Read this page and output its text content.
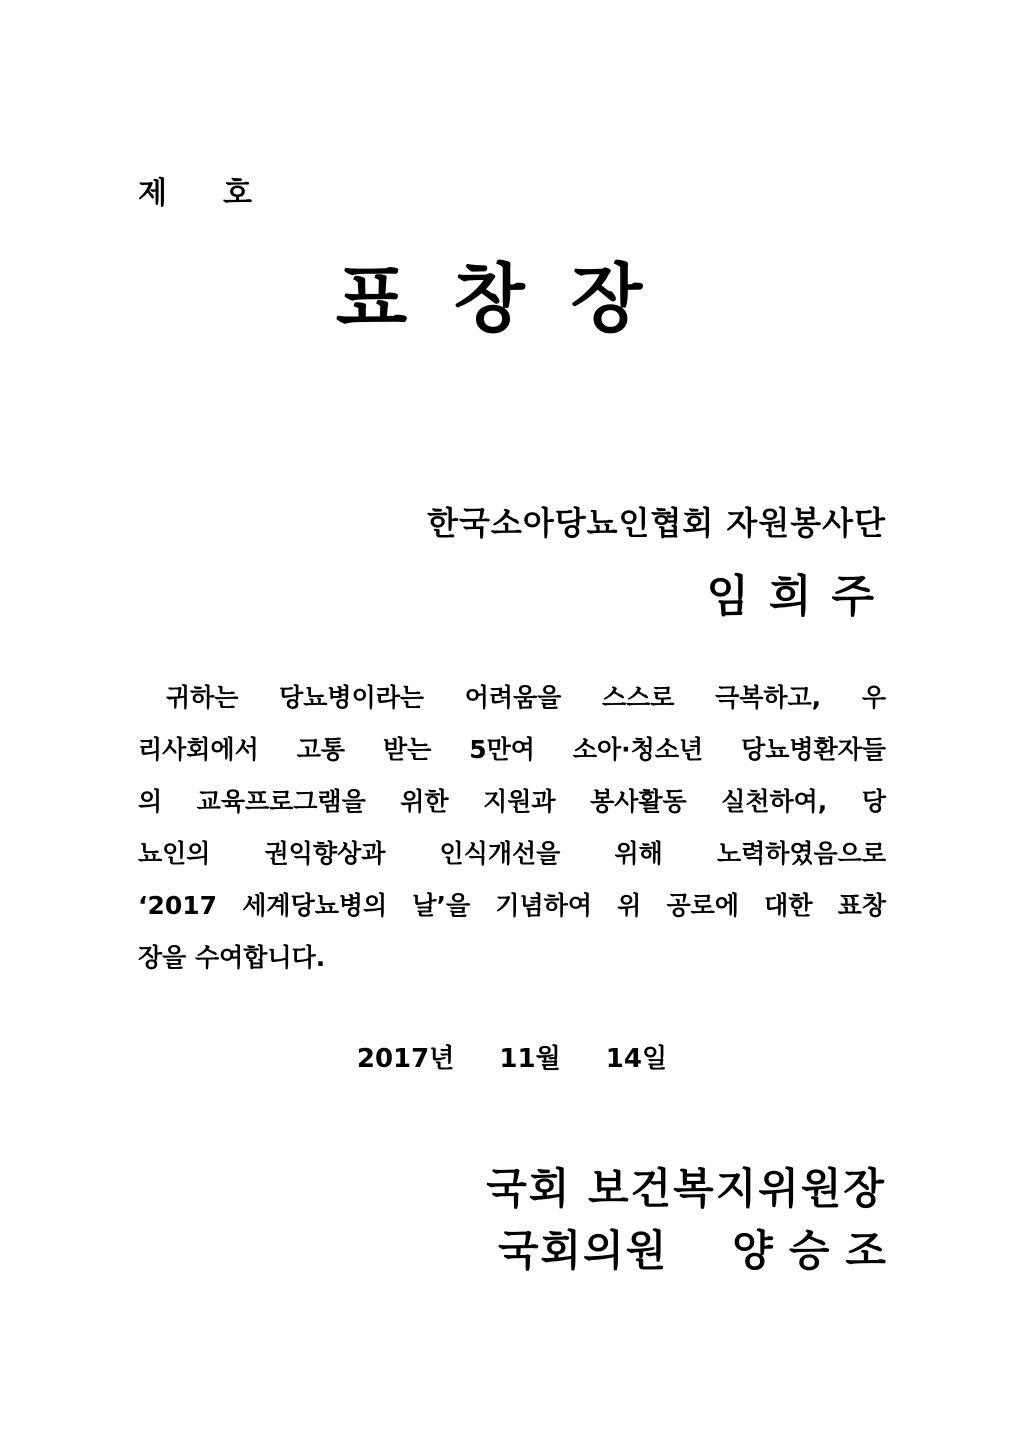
제 호
표창장
한국소아당뇨인협회 자원봉사단
임희주
귀하는 당뇨병이라는 어려움을 스스로 극복하고, 우
리사회에서 고통 받는 5만여 소아·청소년 당뇨병환자들
의 교육프로그램을 위한 지원과 봉사활동 실천하여, 당
뇨인의 권익향상과 인식개선을 위해 노력하였음으로
‘2017 세계당뇨병의 날’을 기념하여 위 공로에 대한 표창
장을 수여합니다.
2017년 11월 14일
국회 보건복지위원장
국회의원 양승조
